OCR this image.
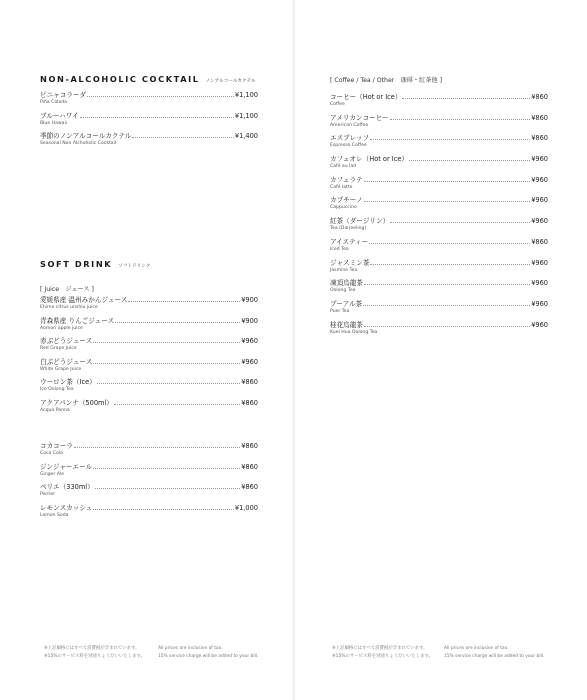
NON-ALCOHOLIC COCKTAIL ノンアルコールカクテル
ピニャコラーダ	¥1,100
Piña Colada
ブルーハワイ	¥1,100
Blue Hawaii
季節のノンアルコールカクテル	¥1,400
Seasonal Non Alchoholic Cocktail
SOFT DRINK ソフトドリンク
[ Juice　ジュース ]
愛媛県産 温州みかんジュース	¥900
Ehime citrus unshiu juice
青森県産 りんごジュース	¥900
Aomori apple juice
赤ぶどうジュース	¥960
Red Grape Juice
白ぶどうジュース	¥960
White Grape Juice
ウーロン茶（Ice）	¥860
Ice Oolong Tea
アクアパンナ（500ml）	¥860
Acqua Panna
コカコーラ	¥860
Coca Cola
ジンジャーエール	¥860
Ginger Ale
ペリエ（330ml）	¥860
Perrier
レモンスカッシュ	¥1,000
Lemon Soda
※上記価格にはすべて消費税が含まれています。
※15%のサービス料を別途ちょうだいいたします。
All prices are inclusive of tax.
15% service charge will be added to your bill.
[ Coffee / Tea / Other　珈琲・紅茶他 ]
コーヒー（Hot or Ice）	¥860
Coffee
アメリカンコーヒー	¥860
American Coffee
エスプレッソ	¥860
Espresso Coffee
カフェオレ（Hot or Ice）	¥960
Café au lait
カフェラテ	¥960
Café latte
カプチーノ	¥960
Cappuccino
紅茶（ダージリン）	¥960
Tea (Darjeeling)
アイスティー	¥860
Iced Tea
ジャスミン茶	¥960
Jasmine Tea
凍頂烏龍茶	¥960
Oolong Tea
プーアル茶	¥960
Puer Tea
桂花烏龍茶	¥960
Kuei Hua Oolong Tea
※上記価格にはすべて消費税が含まれています。
※15%のサービス料を別途ちょうだいいたします。
All prices are inclusive of tax.
15% service charge will be added to your bill.
